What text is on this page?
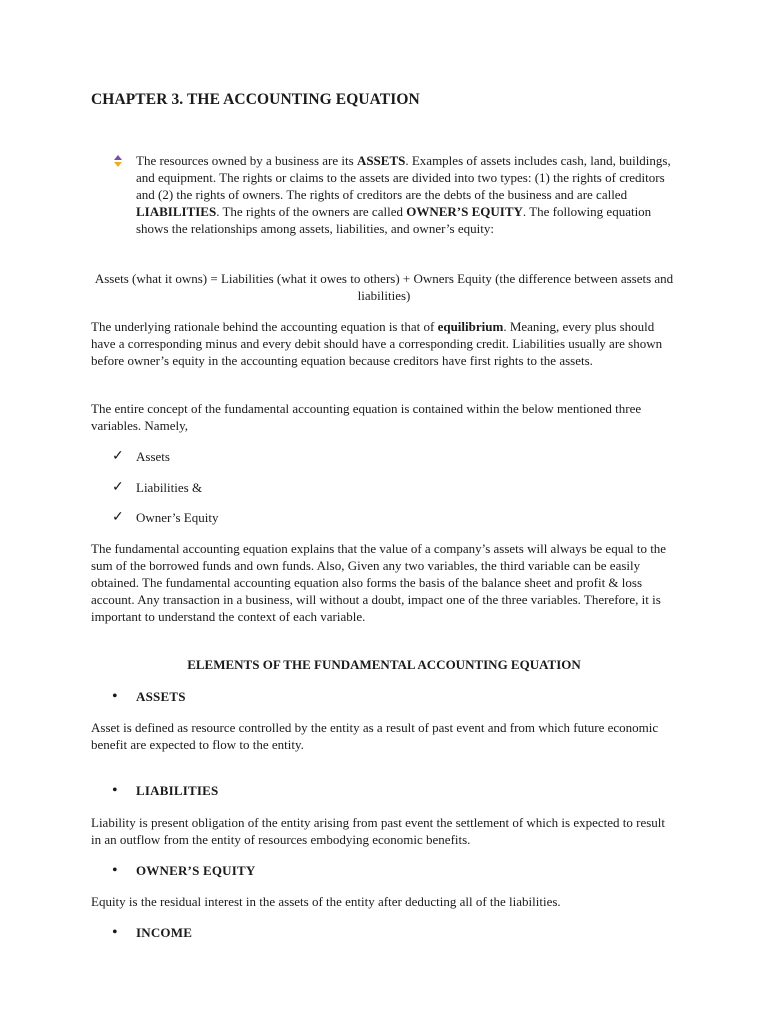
CHAPTER 3. THE ACCOUNTING EQUATION

The resources owned by a business are its ASSETS. Examples of assets includes cash, land, buildings, and equipment. The rights or claims to the assets are divided into two types: (1) the rights of creditors and (2) the rights of owners. The rights of creditors are the debts of the business and are called LIABILITIES. The rights of the owners are called OWNER’S EQUITY. The following equation shows the relationships among assets, liabilities, and owner’s equity:

Assets (what it owns) = Liabilities (what it owes to others) + Owners Equity (the difference between assets and liabilities)

The underlying rationale behind the accounting equation is that of equilibrium. Meaning, every plus should have a corresponding minus and every debit should have a corresponding credit. Liabilities usually are shown before owner’s equity in the accounting equation because creditors have first rights to the assets.

The entire concept of the fundamental accounting equation is contained within the below mentioned three variables. Namely,

✓ Assets
✓ Liabilities &
✓ Owner’s Equity

The fundamental accounting equation explains that the value of a company’s assets will always be equal to the sum of the borrowed funds and own funds. Also, Given any two variables, the third variable can be easily obtained. The fundamental accounting equation also forms the basis of the balance sheet and profit & loss account. Any transaction in a business, will without a doubt, impact one of the three variables. Therefore, it is important to understand the context of each variable.

ELEMENTS OF THE FUNDAMENTAL ACCOUNTING EQUATION
• ASSETS

Asset is defined as resource controlled by the entity as a result of past event and from which future economic benefit are expected to flow to the entity.

• LIABILITIES

Liability is present obligation of the entity arising from past event the settlement of which is expected to result in an outflow from the entity of resources embodying economic benefits.

• OWNER’S EQUITY

Equity is the residual interest in the assets of the entity after deducting all of the liabilities.

• INCOME
